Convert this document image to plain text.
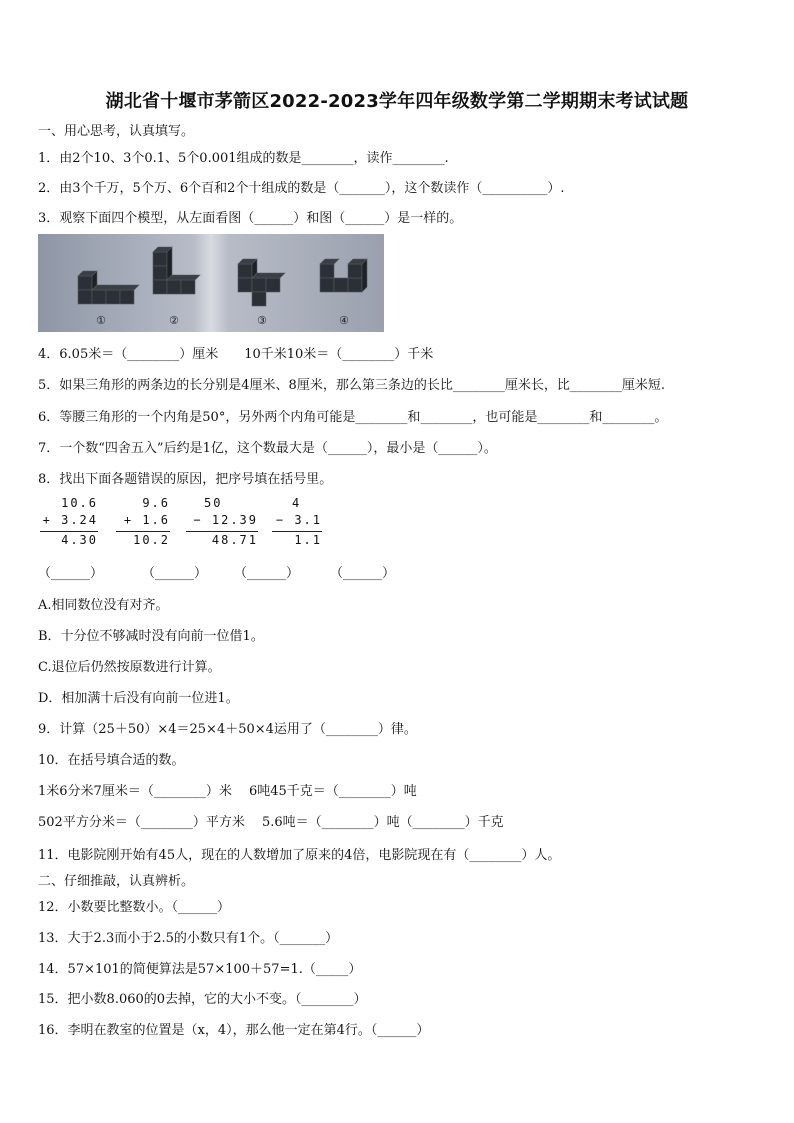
湖北省十堰市茅箭区2022-2023学年四年级数学第二学期期末考试试题
一、用心思考，认真填写。
1．由2个10、3个0.1、5个0.001组成的数是________，读作________.
2．由3个千万，5个万、6个百和2个十组成的数是（_______），这个数读作（__________）.
3．观察下面四个模型，从左面看图（______）和图（______）是一样的。
①	②	③	④
4．6.05米＝（________）厘米　　10千米10米＝（________）千米
5．如果三角形的两条边的长分别是4厘米、8厘米，那么第三条边的长比________厘米长，比________厘米短.
6．等腰三角形的一个内角是50°，另外两个内角可能是________和________，也可能是________和________。
7．一个数“四舍五入”后约是1亿，这个数最大是（______），最小是（______）。
8．找出下面各题错误的原因，把序号填在括号里。
10.6
+ 3.24
4.30
9.6
+ 1.6
10.2
50
− 12.39
48.71
4
− 3.1
1.1
（______）	（______） （______） （______）
A.相同数位没有对齐。
B．十分位不够减时没有向前一位借1。
C.退位后仍然按原数进行计算。
D．相加满十后没有向前一位进1。
9．计算（25＋50）×4＝25×4＋50×4运用了（________）律。
10．在括号填合适的数。
1米6分米7厘米＝（________）米　 6吨45千克＝（________）吨
502平方分米＝（________）平方米　 5.6吨＝（________）吨（________）千克
11．电影院刚开始有45人，现在的人数增加了原来的4倍，电影院现在有（________）人。
二、仔细推敲，认真辨析。
12．小数要比整数小。（______）
13．大于2.3而小于2.5的小数只有1个。（_______）
14．57×101的简便算法是57×100＋57=1.（_____）
15．把小数8.060的0去掉，它的大小不变。（________）
16．李明在教室的位置是（x，4），那么他一定在第4行。（______）
